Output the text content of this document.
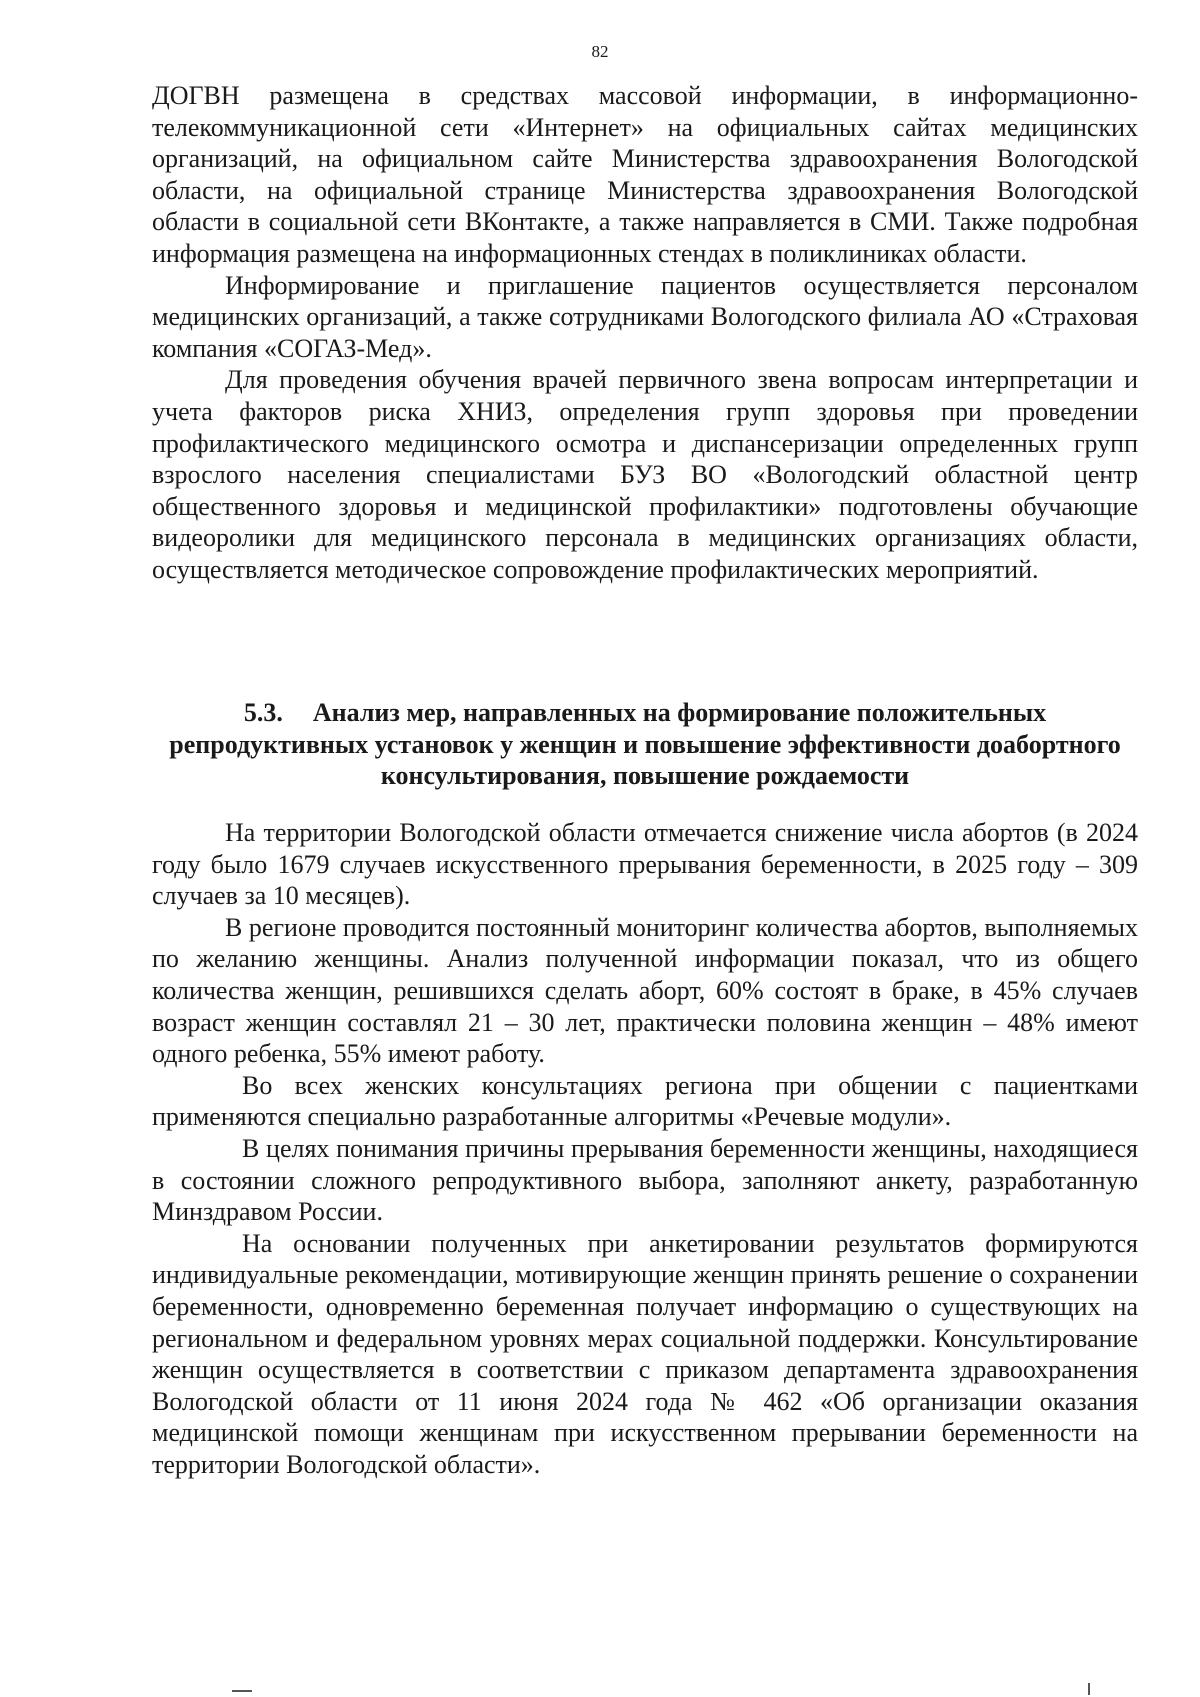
82

ДОГВН размещена в средствах массовой информации, в информационно-телекоммуникационной сети «Интернет» на официальных сайтах медицинских организаций, на официальном сайте Министерства здравоохранения Вологодской области, на официальной странице Министерства здравоохранения Вологодской области в социальной сети ВКонтакте, а также направляется в СМИ. Также подробная информация размещена на информационных стендах в поликлиниках области.

Информирование и приглашение пациентов осуществляется персоналом медицинских организаций, а также сотрудниками Вологодского филиала АО «Страховая компания «СОГАЗ-Мед».

Для проведения обучения врачей первичного звена вопросам интерпретации и учета факторов риска ХНИЗ, определения групп здоровья при проведении профилактического медицинского осмотра и диспансеризации определенных групп взрослого населения специалистами БУЗ ВО «Вологодский областной центр общественного здоровья и медицинской профилактики» подготовлены обучающие видеоролики для медицинского персонала в медицинских организациях области, осуществляется методическое сопровождение профилактических мероприятий.

5.3. Анализ мер, направленных на формирование положительных репродуктивных установок у женщин и повышение эффективности доабортного консультирования, повышение рождаемости

На территории Вологодской области отмечается снижение числа абортов (в 2024 году было 1679 случаев искусственного прерывания беременности, в 2025 году – 309 случаев за 10 месяцев).

В регионе проводится постоянный мониторинг количества абортов, выполняемых по желанию женщины. Анализ полученной информации показал, что из общего количества женщин, решившихся сделать аборт, 60% состоят в браке, в 45% случаев возраст женщин составлял 21 – 30 лет, практически половина женщин – 48% имеют одного ребенка, 55% имеют работу.

Во всех женских консультациях региона при общении с пациентками применяются специально разработанные алгоритмы «Речевые модули».

В целях понимания причины прерывания беременности женщины, находящиеся в состоянии сложного репродуктивного выбора, заполняют анкету, разработанную Минздравом России.

На основании полученных при анкетировании результатов формируются индивидуальные рекомендации, мотивирующие женщин принять решение о сохранении беременности, одновременно беременная получает информацию о существующих на региональном и федеральном уровнях мерах социальной поддержки. Консультирование женщин осуществляется в соответствии с приказом департамента здравоохранения Вологодской области от 11 июня 2024 года № 462 «Об организации оказания медицинской помощи женщинам при искусственном прерывании беременности на территории Вологодской области».
